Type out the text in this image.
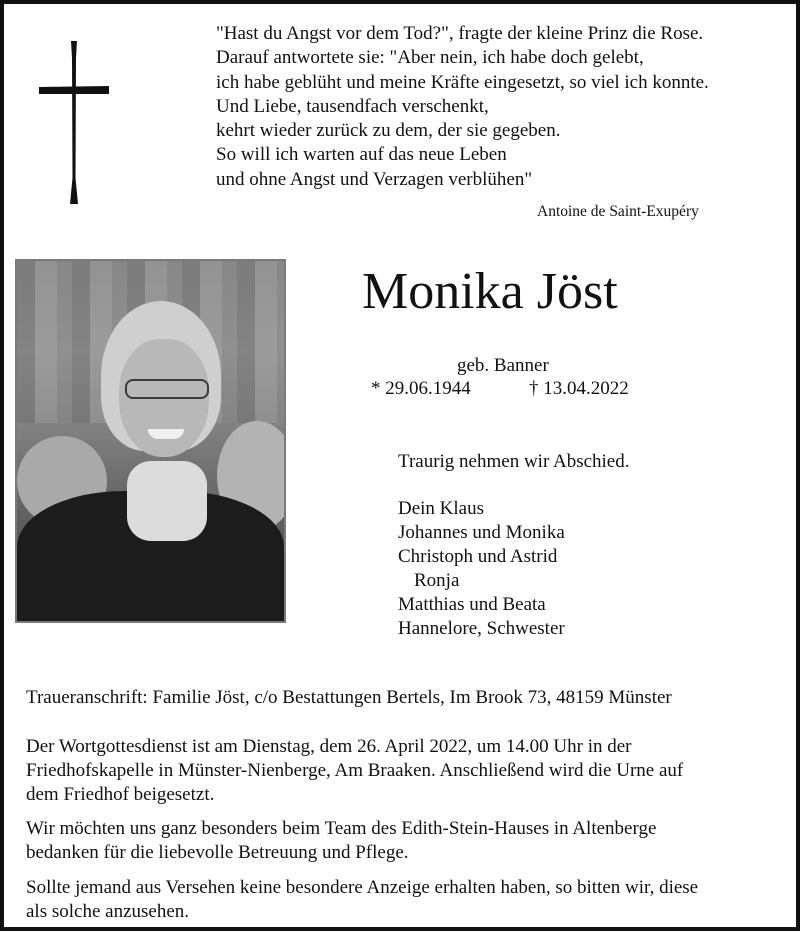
"Hast du Angst vor dem Tod?", fragte der kleine Prinz die Rose.
Darauf antwortete sie: "Aber nein, ich habe doch gelebt,
ich habe geblüht und meine Kräfte eingesetzt, so viel ich konnte.
Und Liebe, tausendfach verschenkt,
kehrt wieder zurück zu dem, der sie gegeben.
So will ich warten auf das neue Leben
und ohne Angst und Verzagen verblühen"
Antoine de Saint-Exupéry
Monika Jöst
geb. Banner
* 29.06.1944	† 13.04.2022
Traurig nehmen wir Abschied.
Dein Klaus
Johannes und Monika
Christoph und Astrid
Ronja
Matthias und Beata
Hannelore, Schwester
Traueranschrift: Familie Jöst, c/o Bestattungen Bertels, Im Brook 73, 48159 Münster
Der Wortgottesdienst ist am Dienstag, dem 26. April 2022, um 14.00 Uhr in der
Friedhofskapelle in Münster-Nienberge, Am Braaken. Anschließend wird die Urne auf
dem Friedhof beigesetzt.
Wir möchten uns ganz besonders beim Team des Edith-Stein-Hauses in Altenberge
bedanken für die liebevolle Betreuung und Pflege.
Sollte jemand aus Versehen keine besondere Anzeige erhalten haben, so bitten wir, diese
als solche anzusehen.
